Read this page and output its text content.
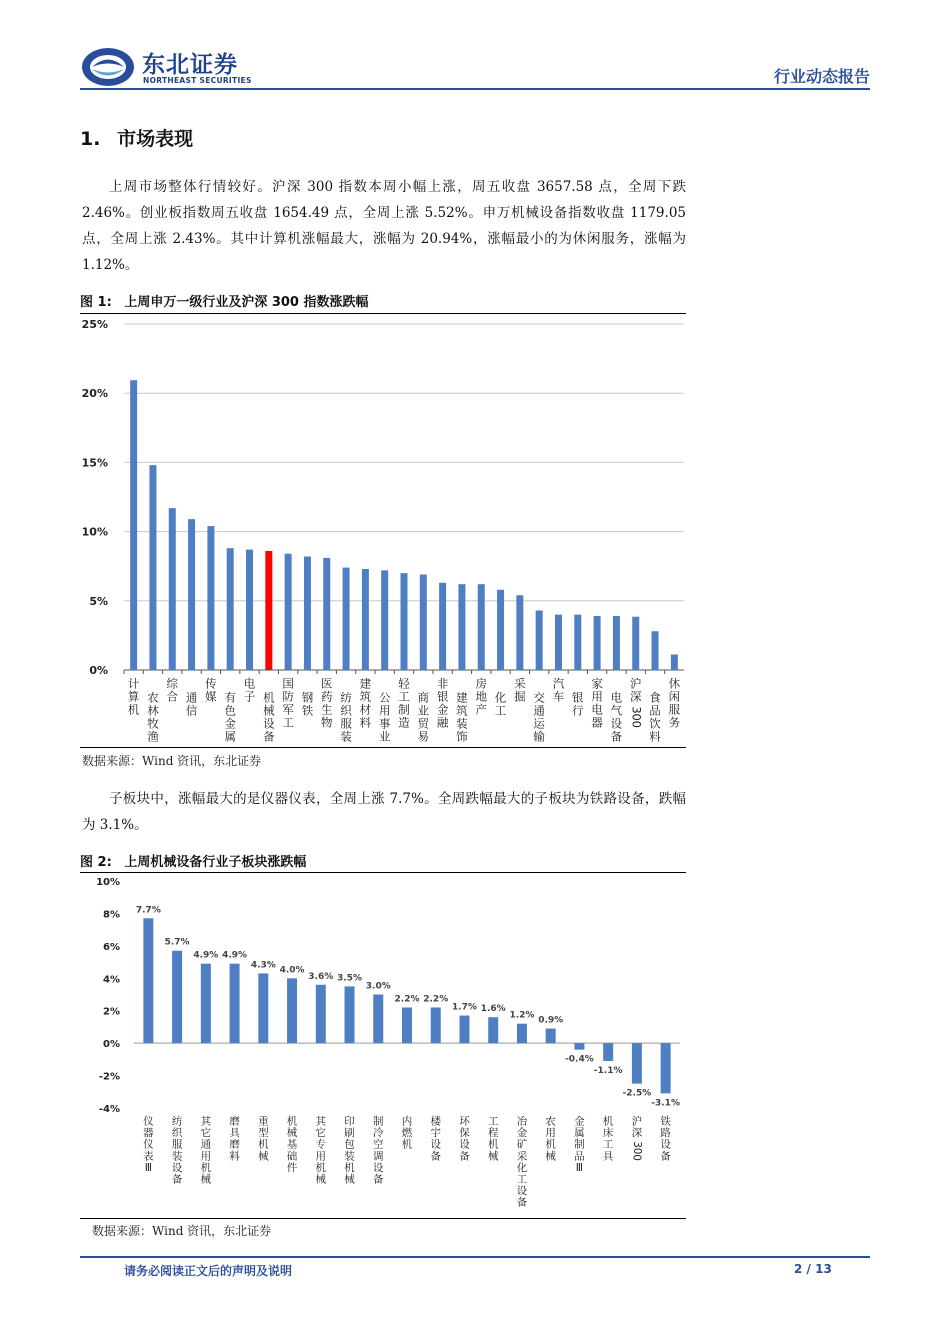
东北证券
NORTHEAST SECURITIES	行业动态报告
1. 市场表现
上周市场整体行情较好。沪深 300 指数本周小幅上涨，周五收盘 3657.58 点，全周下跌 2.46%。创业板指数周五收盘 1654.49 点，全周上涨 5.52%。申万机械设备指数收盘 1179.05 点，全周上涨 2.43%。其中计算机涨幅最大，涨幅为 20.94%，涨幅最小的为休闲服务，涨幅为 1.12%。
图 1: 上周申万一级行业及沪深 300 指数涨跌幅
0%
5%
10%
15%
20%
25%
计
算
机
农
林
牧
渔
综
合 通
信
传
媒 有
色
金
属
电
子 机
械
设
备
国
防
军
工
钢
铁
医
药
生
物
纺
织
服
装
建
筑
材
料
公
用
事
业
轻
工
制
造
商
业
贸
易
非
银
金
融
建
筑
装
饰
房
地
产
化
工
采
掘 交
通
运
输
汽
车 银
行
家
用
电
器
电
气
设
备
沪
深
3
0
0
食
品
饮
料
休
闲
服
务
数据来源：Wind 资讯，东北证券
子板块中，涨幅最大的是仪器仪表，全周上涨 7.7%。全周跌幅最大的子板块为铁路设备，跌幅为 3.1%。
图 2: 上周机械设备行业子板块涨跌幅
-4%
-2%
0%
2%
4%
6%
8%
10%
7.7%
仪
器
仪
表
Ⅲ
5.7%
纺
织
服
装
设
备
4.9%
其
它
通
用
机
械
4.9%
磨
具
磨
料
4.3%
重
型
机
械
4.0%
机
械
基
础
件
3.6%
其
它
专
用
机
械
3.5%
印
刷
包
装
机
械
3.0%
制
冷
空
调
设
备
2.2%
内
燃
机
2.2%
楼
宇
设
备
1.7%
环
保
设
备
1.6%
工
程
机
械
1.2%
冶
金
矿
采
化
工
设
备
0.9%
农
用
机
械
-0.4%
金
属
制
品
Ⅲ
-1.1%
机
床
工
具
-2.5%
沪
深
3
0
0
-3.1%
铁
路
设
备
数据来源：Wind 资讯，东北证券
请务必阅读正文后的声明及说明	2 / 13
